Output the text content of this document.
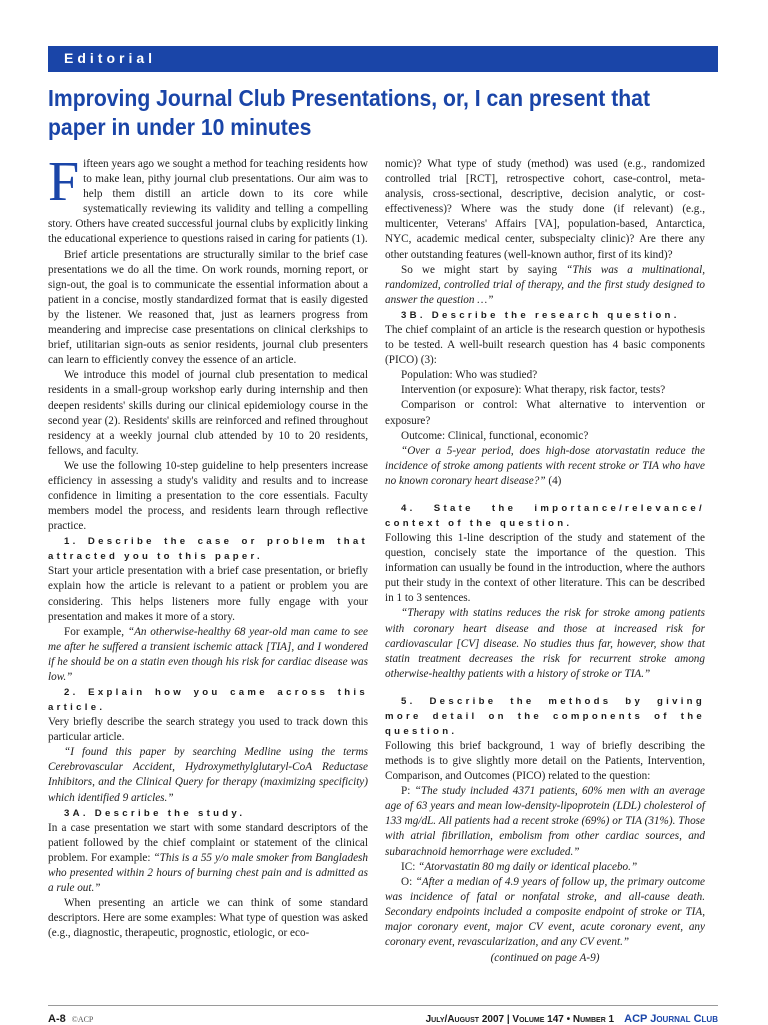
Editorial
Improving Journal Club Presentations, or, I can present that paper in under 10 minutes

Fifteen years ago we sought a method for teaching residents how to make lean, pithy journal club presentations. Our aim was to help them distill an article down to its core while systematically reviewing its validity and telling a compelling story. Others have created successful journal clubs by explicitly linking the educational experience to questions raised in caring for patients (1).

Brief article presentations are structurally similar to the brief case presentations we do all the time. On work rounds, morning report, or sign-out, the goal is to communicate the essential information about a patient in a concise, mostly standardized format that is easily digested by the listener. We reasoned that, just as learners progress from meandering and imprecise case presentations on clinical clerkships to brief, utilitarian sign-outs as senior residents, journal club presenters can learn to efficiently convey the essence of an article.

We introduce this model of journal club presentation to medical residents in a small-group workshop early during internship and then deepen residents' skills during our clinical epidemiology course in the second year (2). Residents' skills are reinforced and refined throughout residency at a weekly journal club attended by 10 to 20 residents, fellows, and faculty.

We use the following 10-step guideline to help presenters increase efficiency in assessing a study's validity and results and to increase confidence in limiting a presentation to the core essentials. Faculty members model the process, and residents learn through reflective practice.

1. Describe the case or problem that attracted you to this paper.

Start your article presentation with a brief case presentation, or briefly explain how the article is relevant to a patient or problem you are considering. This helps listeners more fully engage with your presentation and makes it more of a story.

For example, “An otherwise-healthy 68 year-old man came to see me after he suffered a transient ischemic attack [TIA], and I wondered if he should be on a statin even though his risk for cardiac disease was low.”

2. Explain how you came across this article.

Very briefly describe the search strategy you used to track down this particular article.

“I found this paper by searching Medline using the terms Cerebrovascular Accident, Hydroxymethylglutaryl-CoA Reductase Inhibitors, and the Clinical Query for therapy (maximizing specificity) which identified 9 articles.”

3A. Describe the study.

In a case presentation we start with some standard descriptors of the patient followed by the chief complaint or statement of the clinical problem. For example: “This is a 55 y/o male smoker from Bangladesh who presented within 2 hours of burning chest pain and is admitted as a rule out.”

When presenting an article we can think of some standard descriptors. Here are some examples: What type of question was asked (e.g., diagnostic, therapeutic, prognostic, etiologic, or eco-

nomic)? What type of study (method) was used (e.g., randomized controlled trial [RCT], retrospective cohort, case-control, meta-analysis, cross-sectional, descriptive, decision analytic, or cost-effectiveness)? Where was the study done (if relevant) (e.g., multicenter, Veterans' Affairs [VA], population-based, Antarctica, NYC, academic medical center, subspecialty clinic)? Are there any other outstanding features (well-known author, first of its kind)?

So we might start by saying “This was a multinational, randomized, controlled trial of therapy, and the first study designed to answer the question …”

3B. Describe the research question.

The chief complaint of an article is the research question or hypothesis to be tested. A well-built research question has 4 basic components (PICO) (3):

Population: Who was studied?

Intervention (or exposure): What therapy, risk factor, tests?

Comparison or control: What alternative to intervention or exposure?

Outcome: Clinical, functional, economic?

“Over a 5-year period, does high-dose atorvastatin reduce the incidence of stroke among patients with recent stroke or TIA who have no known coronary heart disease?” (4)

4. State the importance/relevance/ context of the question.

Following this 1-line description of the study and statement of the question, concisely state the importance of the question. This information can usually be found in the introduction, where the authors put their study in the context of other literature. This can be described in 1 to 3 sentences.

“Therapy with statins reduces the risk for stroke among patients with coronary heart disease and those at increased risk for cardiovascular [CV] disease. No studies thus far, however, show that statin treatment decreases the risk for recurrent stroke among otherwise-healthy patients with a history of stroke or TIA.”

5. Describe the methods by giving more detail on the components of the question.

Following this brief background, 1 way of briefly describing the methods is to give slightly more detail on the Patients, Intervention, Comparison, and Outcomes (PICO) related to the question:

P: “The study included 4371 patients, 60% men with an average age of 63 years and mean low-density-lipoprotein (LDL) cholesterol of 133 mg/dL. All patients had a recent stroke (69%) or TIA (31%). Those with atrial fibrillation, embolism from other cardiac sources, and subarachnoid hemorrhage were excluded.”

IC: “Atorvastatin 80 mg daily or identical placebo.”

O: “After a median of 4.9 years of follow up, the primary outcome was incidence of fatal or nonfatal stroke, and all-cause death. Secondary endpoints included a composite endpoint of stroke or TIA, major coronary event, major CV event, acute coronary event, any coronary event, revascularization, and any CV event.”

(continued on page A-9)

A-8 ©ACP	July/August 2007 | Volume 147 • Number 1 ACP Journal Club
